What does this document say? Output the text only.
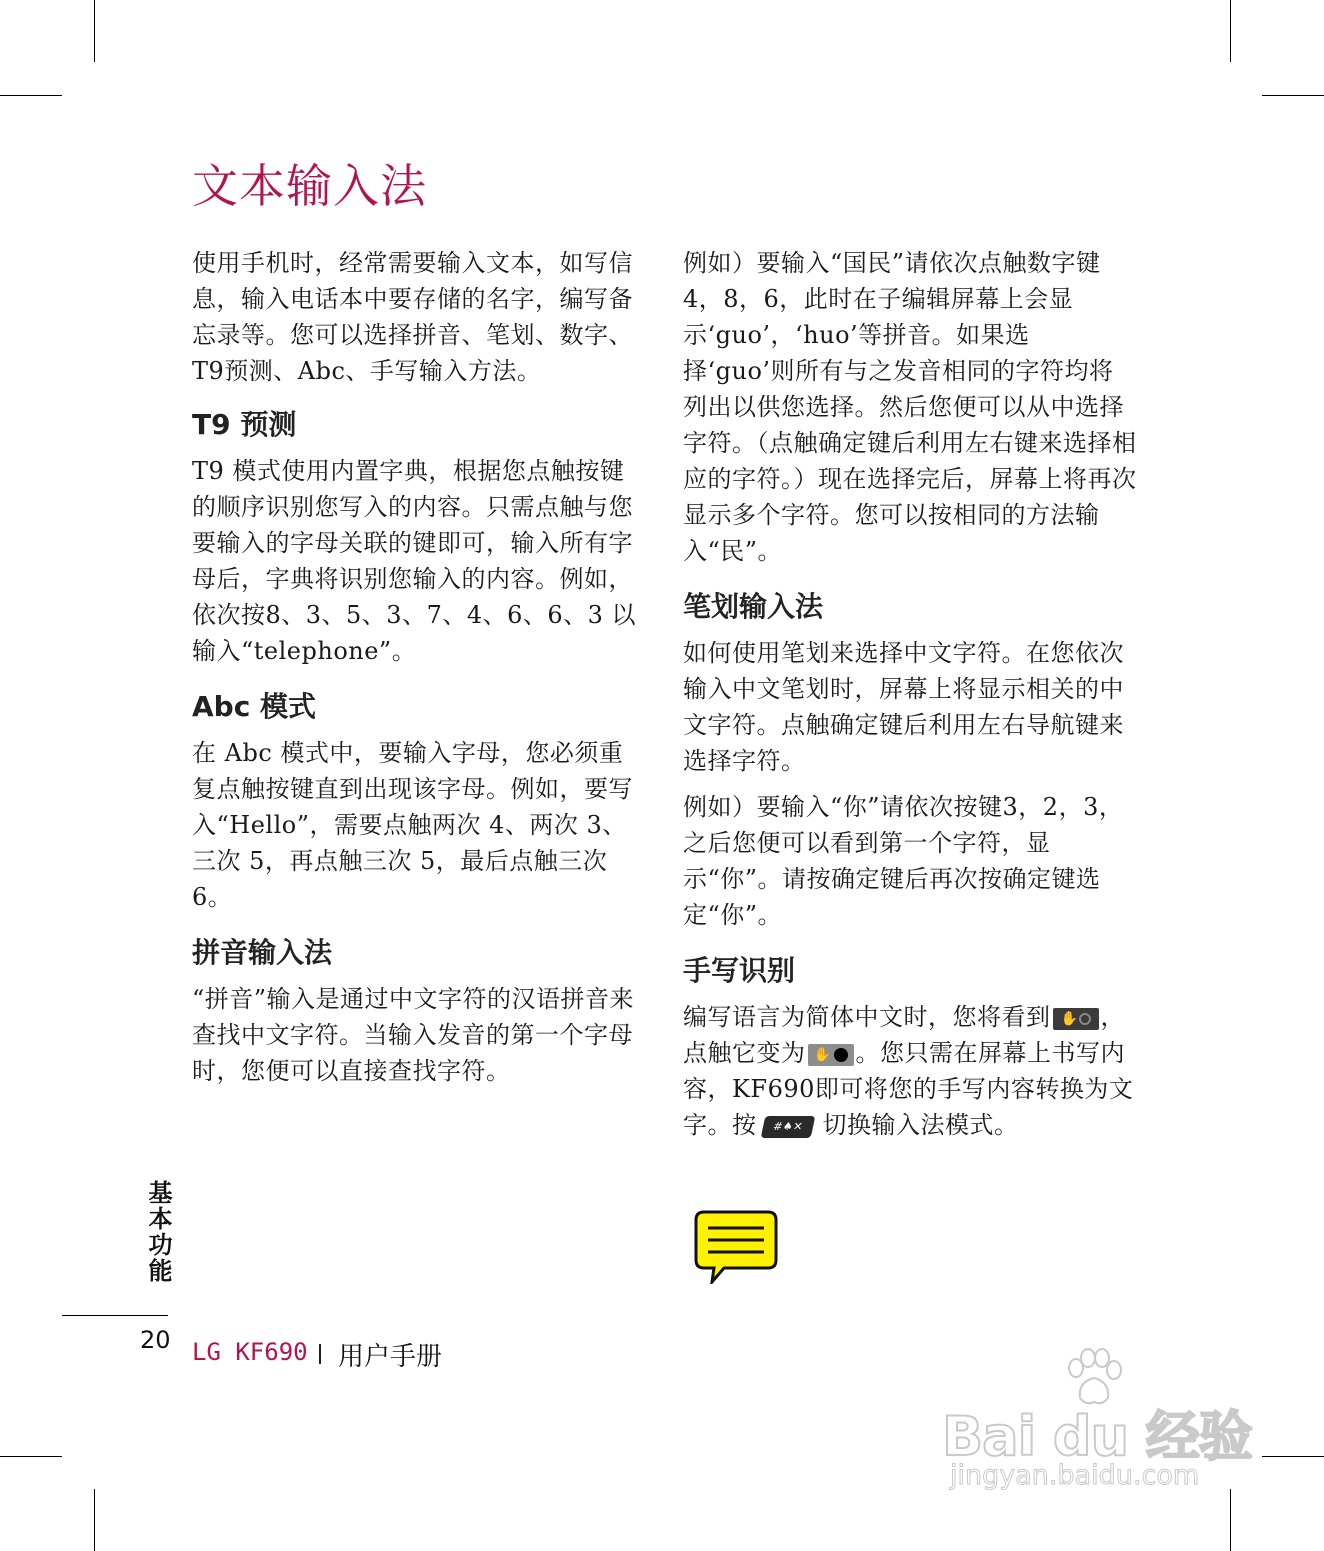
文本输入法

使用手机时，经常需要输入文本，如写信息，输入电话本中要存储的名字，编写备忘录等。您可以选择拼音、笔划、数字、T9预测、Abc、手写输入方法。

T9 预测

T9 模式使用内置字典，根据您点触按键的顺序识别您写入的内容。只需点触与您要输入的字母关联的键即可，输入所有字母后，字典将识别您输入的内容。例如，依次按8、3、5、3、7、4、6、6、3 以输入“telephone”。

Abc 模式

在 Abc 模式中，要输入字母，您必须重复点触按键直到出现该字母。例如，要写入“Hello”，需要点触两次 4、两次 3、三次 5，再点触三次 5，最后点触三次 6。

拼音输入法

“拼音”输入是通过中文字符的汉语拼音来查找中文字符。当输入发音的第一个字母时，您便可以直接查找字符。

例如）要输入“国民”请依次点触数字键4，8，6，此时在子编辑屏幕上会显示‘guo’，‘huo’等拼音。如果选择‘guo’则所有与之发音相同的字符均将列出以供您选择。然后您便可以从中选择字符。（点触确定键后利用左右键来选择相应的字符。）现在选择完后，屏幕上将再次显示多个字符。您可以按相同的方法输入“民”。

笔划输入法

如何使用笔划来选择中文字符。在您依次输入中文笔划时，屏幕上将显示相关的中文字符。点触确定键后利用左右导航键来选择字符。

例如）要输入“你”请依次按键3，2，3，之后您便可以看到第一个字符，显示“你”。请按确定键后再次按确定键选定“你”。

手写识别

编写语言为简体中文时，您将看到 ✋ ，点触它变为 ✋ 。您只需在屏幕上书写内容，KF690即可将您的手写内容转换为文字。按 #♠✕ 切换输入法模式。

基本功能
20 LG KF690 用户手册
Bai du 经验
jingyan.baidu.com
